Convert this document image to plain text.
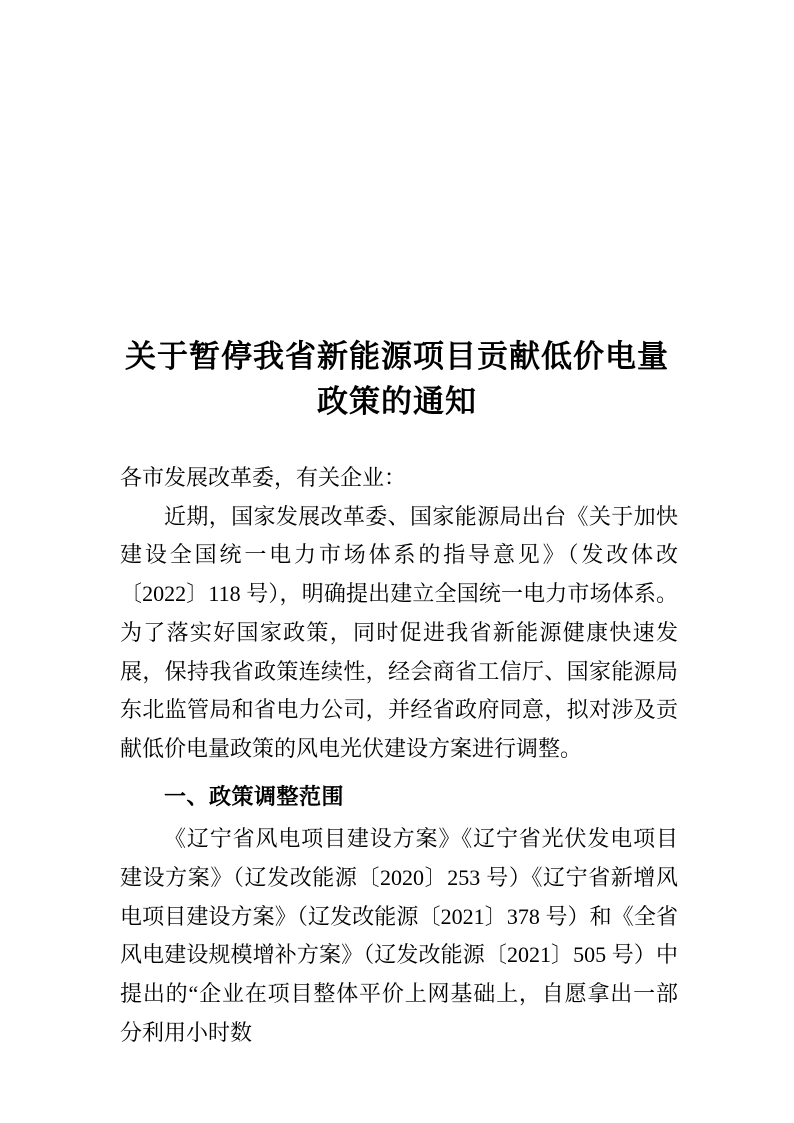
关于暂停我省新能源项目贡献低价电量
政策的通知

各市发展改革委，有关企业：

近期，国家发展改革委、国家能源局出台《关于加快建设全国统一电力市场体系的指导意见》（发改体改〔2022〕118 号），明确提出建立全国统一电力市场体系。为了落实好国家政策，同时促进我省新能源健康快速发展，保持我省政策连续性，经会商省工信厅、国家能源局东北监管局和省电力公司，并经省政府同意，拟对涉及贡献低价电量政策的风电光伏建设方案进行调整。

一、政策调整范围

《辽宁省风电项目建设方案》《辽宁省光伏发电项目建设方案》（辽发改能源〔2020〕253 号）《辽宁省新增风电项目建设方案》（辽发改能源〔2021〕378 号）和《全省风电建设规模增补方案》（辽发改能源〔2021〕505 号）中提出的“企业在项目整体平价上网基础上，自愿拿出一部分利用小时数
